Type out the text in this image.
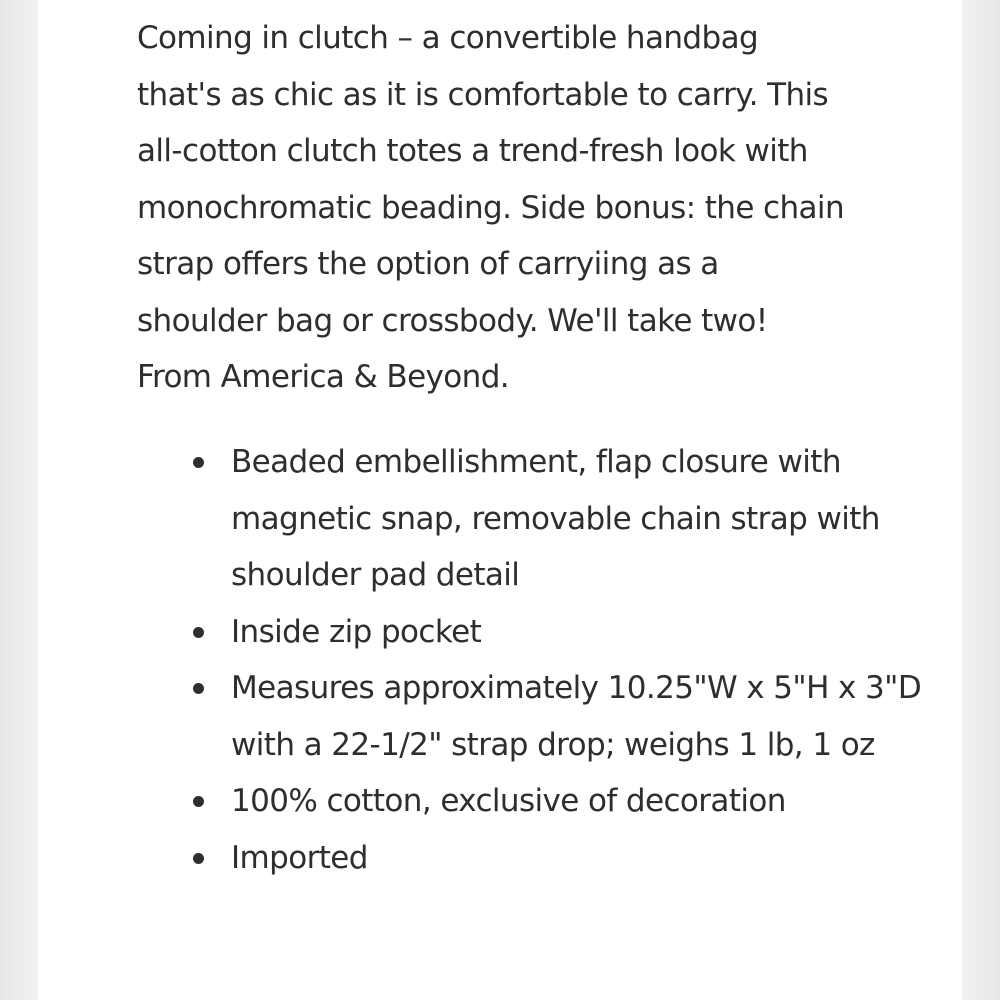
Coming in clutch – a convertible handbag
that's as chic as it is comfortable to carry. This
all-cotton clutch totes a trend-fresh look with
monochromatic beading. Side bonus: the chain
strap offers the option of carryiing as a
shoulder bag or crossbody. We'll take two!
From America & Beyond.

Beaded embellishment, flap closure with magnetic snap, removable chain strap with shoulder pad detail
Inside zip pocket
Measures approximately 10.25"W x 5"H x 3"D with a 22-1/2" strap drop; weighs 1 lb, 1 oz
100% cotton, exclusive of decoration
Imported
